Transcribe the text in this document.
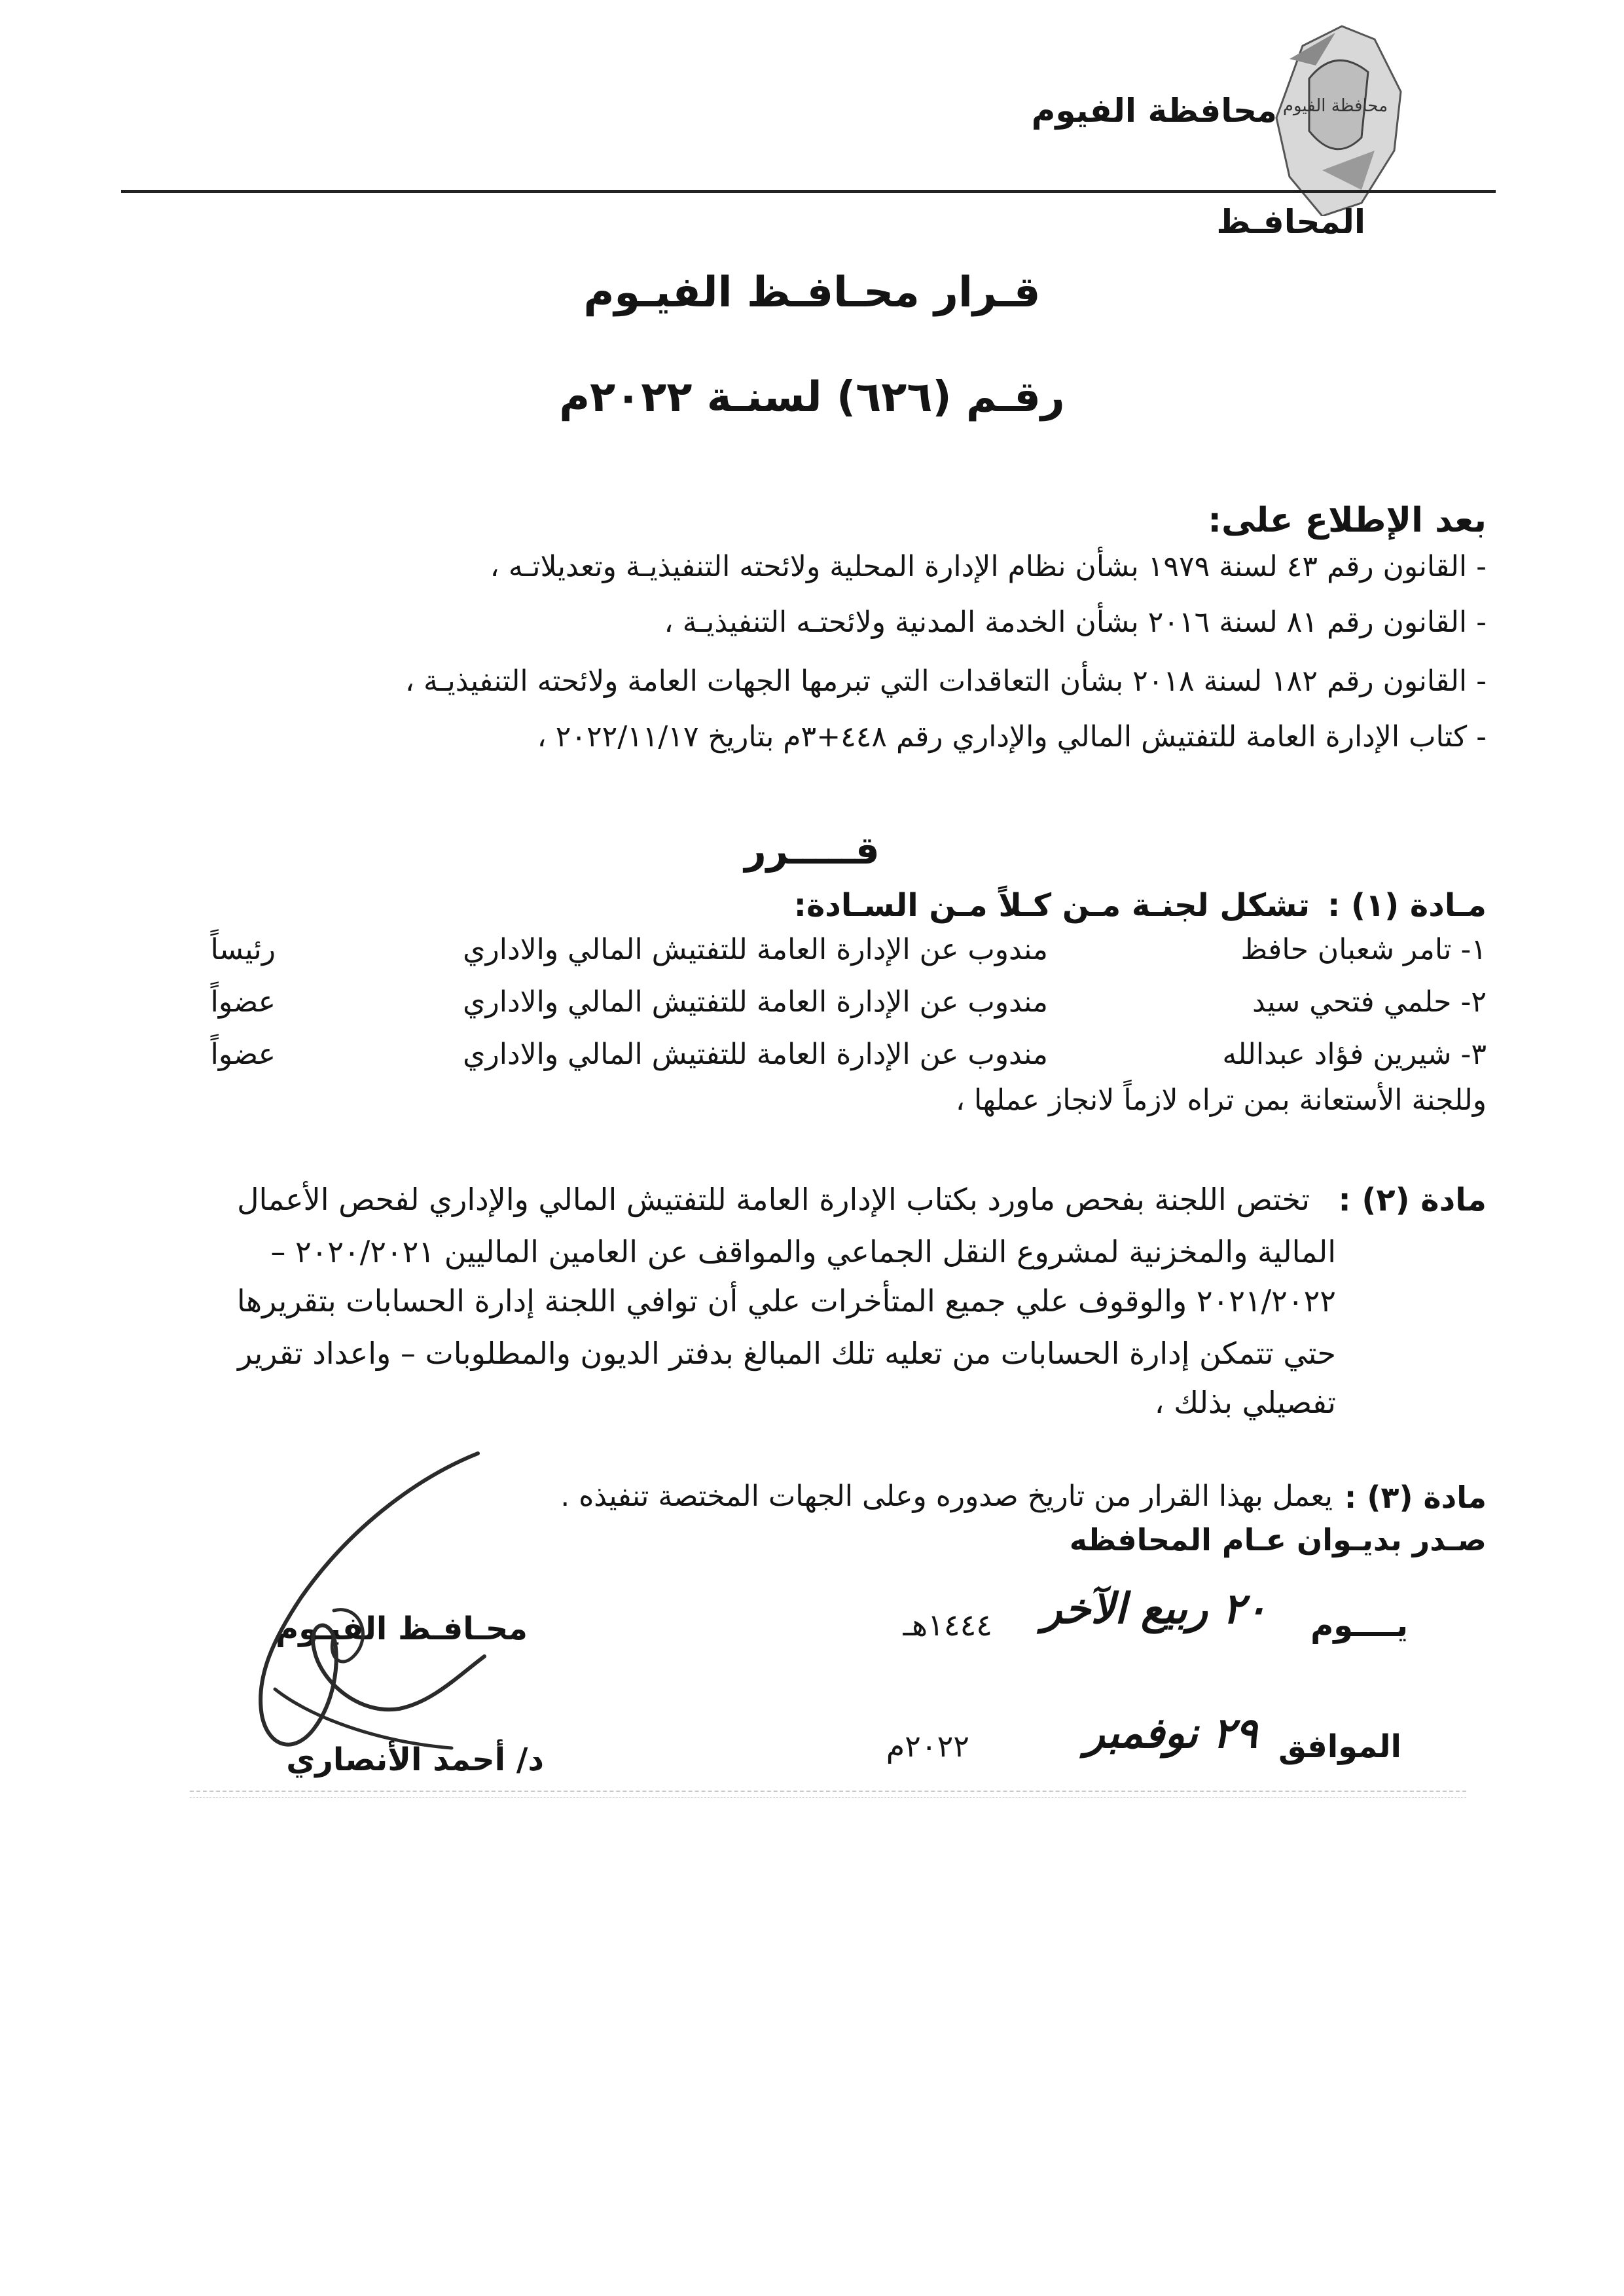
محافظة الفيوم
محافظة الفيوم
المحافـظ
قـرار محـافـظ الفيـوم
رقـم (٦٢٦) لسنـة ٢٠٢٢م
بعد الإطلاع على:
- القانون رقم ٤٣ لسنة ١٩٧٩ بشأن نظام الإدارة المحلية ولائحته التنفيذيـة وتعديلاتـه ،
- القانون رقم ٨١ لسنة ٢٠١٦ بشأن الخدمة المدنية ولائحتـه التنفيذيـة ،
- القانون رقم ١٨٢ لسنة ٢٠١٨ بشأن التعاقدات التي تبرمها الجهات العامة ولائحته التنفيذيـة ،
- كتاب الإدارة العامة للتفتيش المالي والإداري رقم ٤٤٨+٣م بتاريخ ٢٠٢٢/١١/١٧ ،
قـــــرر
مـادة (١) :
تشكل لجنـة مـن كـلاً مـن السـادة:
١- تامر شعبان حافظ
مندوب عن الإدارة العامة للتفتيش المالي والاداري
رئيساً
٢- حلمي فتحي سيد
مندوب عن الإدارة العامة للتفتيش المالي والاداري
عضواً
٣- شيرين فؤاد عبدالله
مندوب عن الإدارة العامة للتفتيش المالي والاداري
عضواً
وللجنة الأستعانة بمن تراه لازماً لانجاز عملها ،
مادة (٢) :
تختص اللجنة بفحص ماورد بكتاب الإدارة العامة للتفتيش المالي والإداري لفحص الأعمال
المالية والمخزنية لمشروع النقل الجماعي والمواقف عن العامين الماليين ٢٠٢٠/٢٠٢١ –
٢٠٢١/٢٠٢٢ والوقوف علي جميع المتأخرات علي أن توافي اللجنة إدارة الحسابات بتقريرها
حتي تتمكن إدارة الحسابات من تعليه تلك المبالغ بدفتر الديون والمطلوبات – واعداد تقرير
تفصيلي بذلك ،
مادة (٣) :
يعمل بهذا القرار من تاريخ صدوره وعلى الجهات المختصة تنفيذه .
صـدر بديـوان عـام المحافظه
يــــوم
٢٠ ربيع الآخر
١٤٤٤هـ
الموافق
٢٩ نوفمبر
٢٠٢٢م
محـافـظ الفيـوم
د/ أحمد الأنصاري
